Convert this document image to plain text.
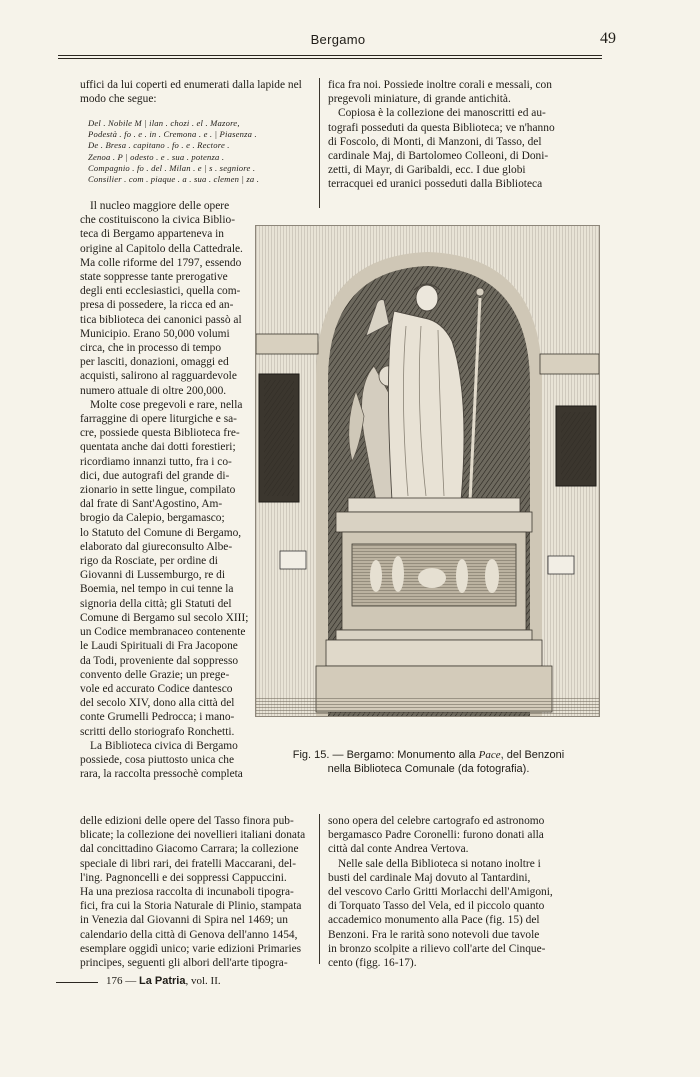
Bergamo	49

uffici da lui coperti ed enumerati dalla lapide nel

modo che segue:

Del . Nobile M | ilan . chozi . el . Mazore,
Podestà . fo . e . in . Cremona . e . | Piasenza .
De . Bresa . capitano . fo . e . Rectore .
Zenoa . P | odesto . e . sua . potenza .
Compagnio . fo . del . Milan . e | s . segniore .
Consilier . com . piaque . a . sua . clemen | za .

fica fra noi. Possiede inoltre corali e messali, con

pregevoli miniature, di grande antichità.

Copiosa è la collezione dei manoscritti ed au-

tografi posseduti da questa Biblioteca; ve n'hanno

di Foscolo, di Monti, di Manzoni, di Tasso, del

cardinale Maj, di Bartolomeo Colleoni, di Doni-

zetti, di Mayr, di Garibaldi, ecc. I due globi

terracquei ed uranici posseduti dalla Biblioteca

Il nucleo maggiore delle opere

che costituiscono la civica Biblio-

teca di Bergamo apparteneva in

origine al Capitolo della Cattedrale.

Ma colle riforme del 1797, essendo

state soppresse tante prerogative

degli enti ecclesiastici, quella com-

presa di possedere, la ricca ed an-

tica biblioteca dei canonici passò al

Municipio. Erano 50,000 volumi

circa, che in processo di tempo

per lasciti, donazioni, omaggi ed

acquisti, salirono al ragguardevole

numero attuale di oltre 200,000.

Molte cose pregevoli e rare, nella

farraggine di opere liturgiche e sa-

cre, possiede questa Biblioteca fre-

quentata anche dai dotti forestieri;

ricordiamo innanzi tutto, fra i co-

dici, due autografi del grande di-

zionario in sette lingue, compilato

dal frate di Sant'Agostino, Am-

brogio da Calepio, bergamasco;

lo Statuto del Comune di Bergamo,

elaborato dal giureconsulto Albe-

rigo da Rosciate, per ordine di

Giovanni di Lussemburgo, re di

Boemia, nel tempo in cui tenne la

signoria della città; gli Statuti del

Comune di Bergamo sul secolo XIII;

un Codice membranaceo contenente

le Laudi Spirituali di Fra Jacopone

da Todi, proveniente dal soppresso

convento delle Grazie; un prege-

vole ed accurato Codice dantesco

del secolo XIV, dono alla città del

conte Grumelli Pedrocca; i mano-

scritti dello storiografo Ronchetti.

La Biblioteca civica di Bergamo

possiede, cosa piuttosto unica che

rara, la raccolta pressochè completa

Fig. 15. — Bergamo: Monumento alla Pace, del Benzoni
nella Biblioteca Comunale (da fotografia).

delle edizioni delle opere del Tasso finora pub-

blicate; la collezione dei novellieri italiani donata

dal concittadino Giacomo Carrara; la collezione

speciale di libri rari, dei fratelli Maccarani, del-

l'ing. Pagnoncelli e dei soppressi Cappuccini.

Ha una preziosa raccolta di incunaboli tipogra-

fici, fra cui la Storia Naturale di Plinio, stampata

in Venezia dal Giovanni di Spira nel 1469; un

calendario della città di Genova dell'anno 1454,

esemplare oggidì unico; varie edizioni Primaries

principes, seguenti gli albori dell'arte tipogra-

sono opera del celebre cartografo ed astronomo

bergamasco Padre Coronelli: furono donati alla

città dal conte Andrea Vertova.

Nelle sale della Biblioteca si notano inoltre i

busti del cardinale Maj dovuto al Tantardini,

del vescovo Carlo Gritti Morlacchi dell'Amigoni,

di Torquato Tasso del Vela, ed il piccolo quanto

accademico monumento alla Pace (fig. 15) del

Benzoni. Fra le rarità sono notevoli due tavole

in bronzo scolpite a rilievo coll'arte del Cinque-

cento (figg. 16-17).

176 — La Patria, vol. II.
